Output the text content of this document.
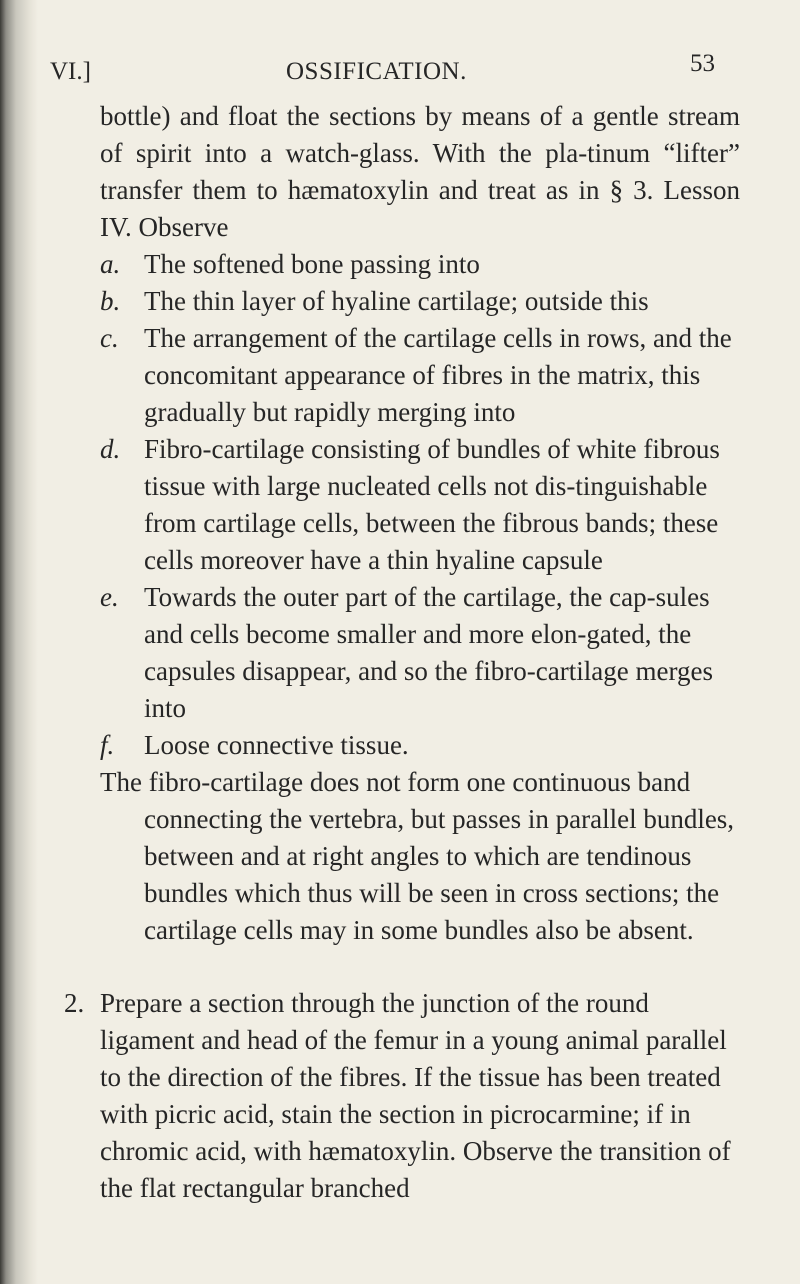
VI.]	OSSIFICATION.	53

bottle) and float the sections by means of a gentle stream of spirit into a watch-glass. With the pla-tinum “lifter” transfer them to hæmatoxylin and treat as in § 3. Lesson IV. Observe

a. The softened bone passing into
b. The thin layer of hyaline cartilage; outside this
c. The arrangement of the cartilage cells in rows, and the concomitant appearance of fibres in the matrix, this gradually but rapidly merging into
d. Fibro-cartilage consisting of bundles of white fibrous tissue with large nucleated cells not dis-tinguishable from cartilage cells, between the fibrous bands; these cells moreover have a thin hyaline capsule
e. Towards the outer part of the cartilage, the cap-sules and cells become smaller and more elon-gated, the capsules disappear, and so the fibro-cartilage merges into
f.	Loose connective tissue.

The fibro-cartilage does not form one continuous band connecting the vertebra, but passes in parallel bundles, between and at right angles to which are tendinous bundles which thus will be seen in cross sections; the cartilage cells may in some bundles also be absent.

2. Prepare a section through the junction of the round ligament and head of the femur in a young animal parallel to the direction of the fibres. If the tissue has been treated with picric acid, stain the section in picrocarmine; if in chromic acid, with hæmatoxylin. Observe the transition of the flat rectangular branched
